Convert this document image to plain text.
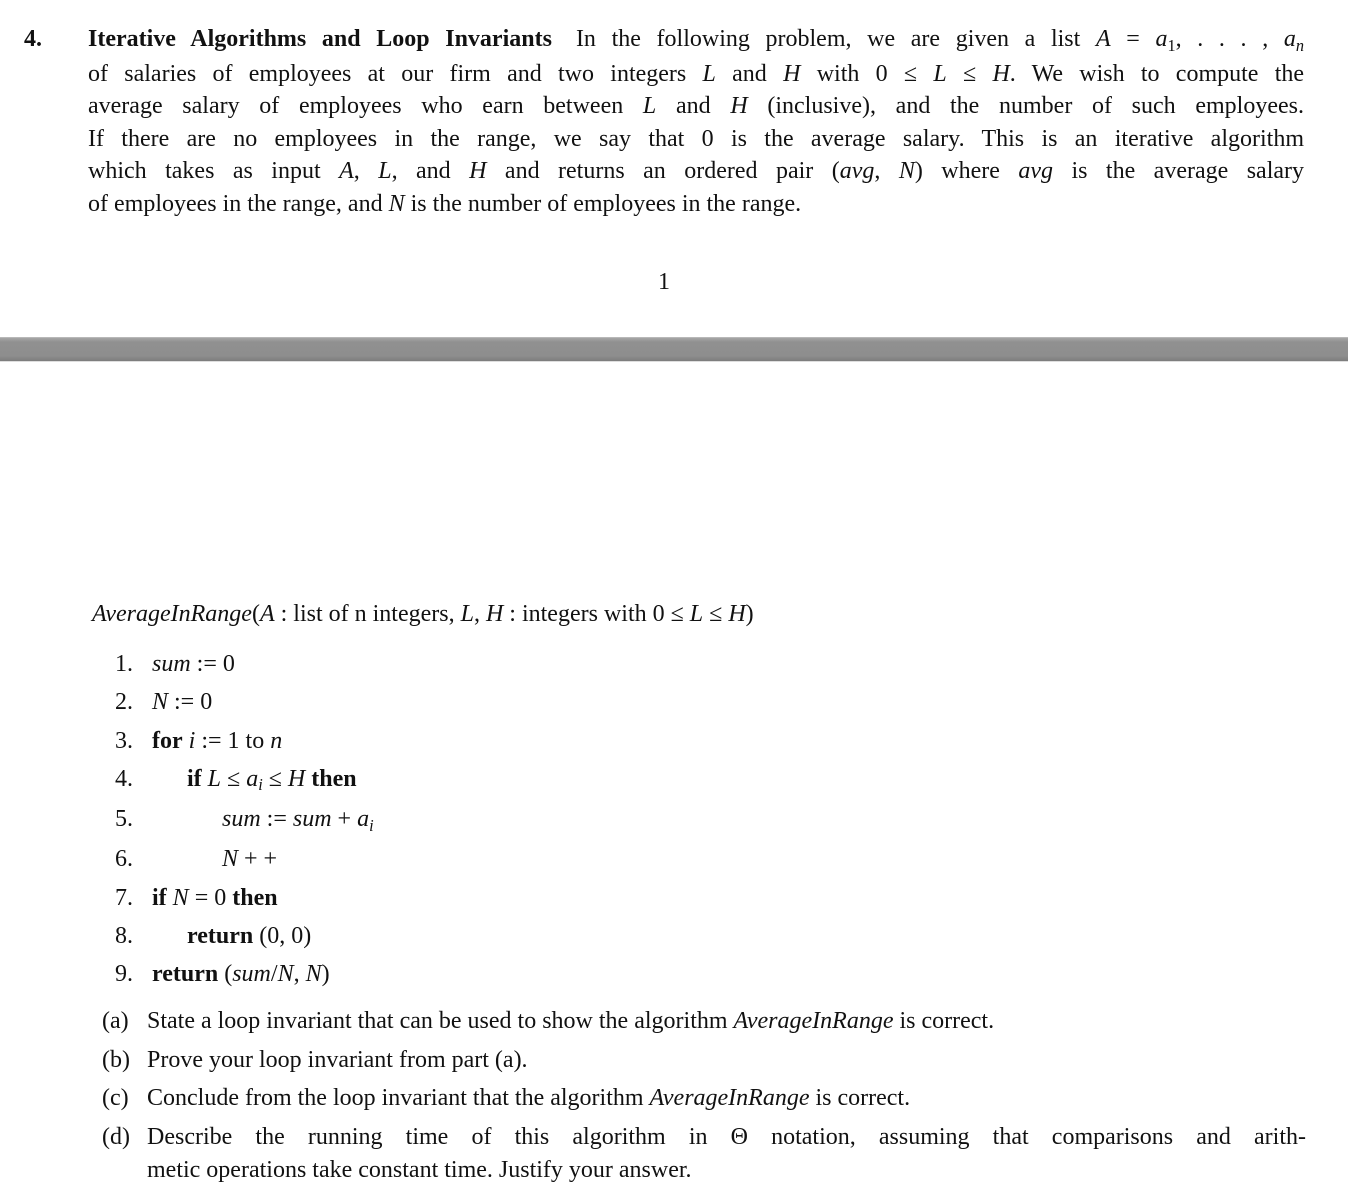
4. Iterative Algorithms and Loop Invariants  In the following problem, we are given a list $A = a_1$, . . . , $a_n$
of salaries of employees at our firm and two integers L and H with 0 ≤ L ≤ H. We wish to compute the
average salary of employees who earn between L and H (inclusive), and the number of such employees.
If there are no employees in the range, we say that 0 is the average salary. This is an iterative algorithm
which takes as input A, L, and H and returns an ordered pair (avg, N) where avg is the average salary
of employees in the range, and N is the number of employees in the range.
1
AverageInRange(A : list of n integers, L, H : integers with 0 ≤ L ≤ H)
1. sum := 0
2. N := 0
3. for i := 1 to n
4.	if $L \le a_i \le H$ then
5.	sum := sum + $a_i$
6.	N + +
7. if N = 0 then
8.	return (0, 0)
9. return (sum/N, N)
(a) State a loop invariant that can be used to show the algorithm AverageInRange is correct.
(b) Prove your loop invariant from part (a).
(c) Conclude from the loop invariant that the algorithm AverageInRange is correct.
(d) Describe the running time of this algorithm in Θ notation, assuming that comparisons and arith-
metic operations take constant time. Justify your answer.
